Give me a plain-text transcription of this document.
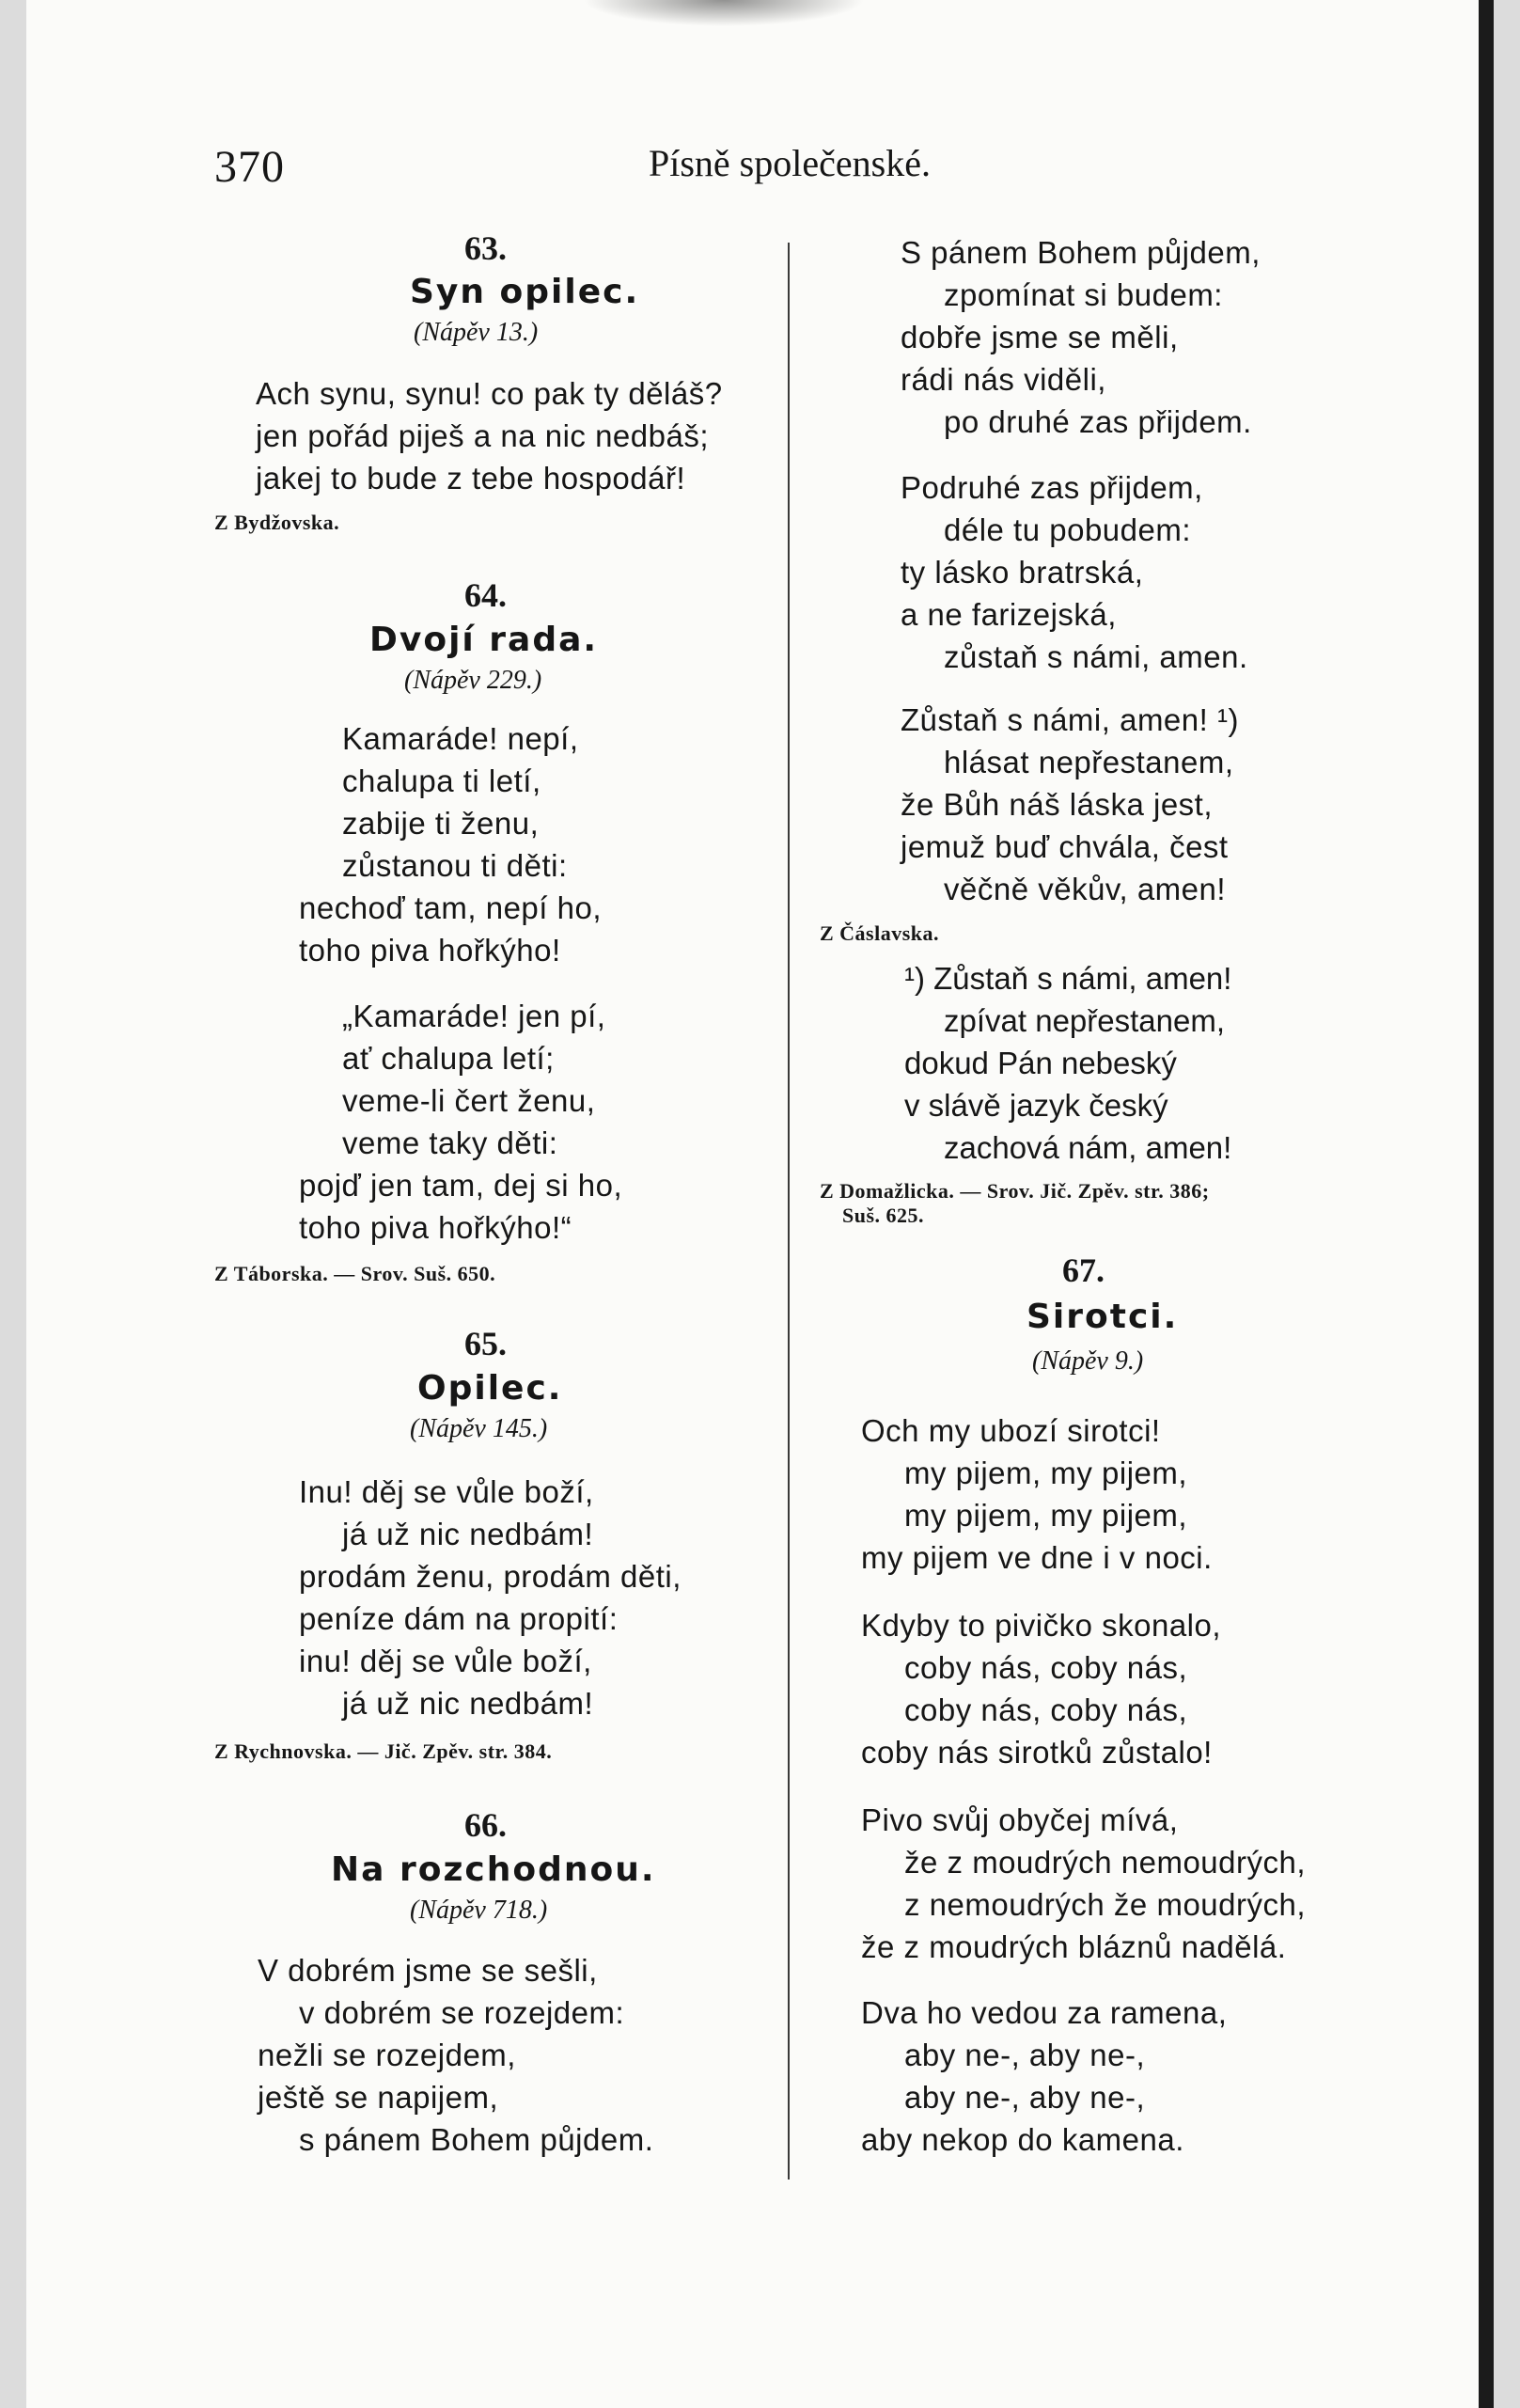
370	Písně společenské.
63.
Syn opilec.
(Nápěv 13.)
Ach synu, synu! co pak ty děláš?
jen pořád piješ a na nic nedbáš;
jakej to bude z tebe hospodář!
Z Bydžovska.
64.
Dvojí rada.
(Nápěv 229.)
Kamaráde! nepí,
chalupa ti letí,
zabije ti ženu,
zůstanou ti děti:
nechoď tam, nepí ho,
toho piva hořkýho!
„Kamaráde! jen pí,
ať chalupa letí;
veme-li čert ženu,
veme taky děti:
pojď jen tam, dej si ho,
toho piva hořkýho!“
Z Táborska. — Srov. Suš. 650.
65.
Opilec.
(Nápěv 145.)
Inu! děj se vůle boží,
já už nic nedbám!
prodám ženu, prodám děti,
peníze dám na propití:
inu! děj se vůle boží,
já už nic nedbám!
Z Rychnovska. — Jič. Zpěv. str. 384.
66.
Na rozchodnou.
(Nápěv 718.)
V dobrém jsme se sešli,
v dobrém se rozejdem:
nežli se rozejdem,
ještě se napijem,
s pánem Bohem půjdem.
S pánem Bohem půjdem,
zpomínat si budem:
dobře jsme se měli,
rádi nás viděli,
po druhé zas přijdem.
Podruhé zas přijdem,
déle tu pobudem:
ty lásko bratrská,
a ne farizejská,
zůstaň s námi, amen.
Zůstaň s námi, amen! ¹)
hlásat nepřestanem,
že Bůh náš láska jest,
jemuž buď chvála, čest
věčně věkův, amen!
Z Čáslavska.
¹) Zůstaň s námi, amen!
zpívat nepřestanem,
dokud Pán nebeský
v slávě jazyk český
zachová nám, amen!
Z Domažlicka. — Srov. Jič. Zpěv. str. 386;
Suš. 625.
67.
Sirotci.
(Nápěv 9.)
Och my ubozí sirotci!
my pijem, my pijem,
my pijem, my pijem,
my pijem ve dne i v noci.
Kdyby to pivičko skonalo,
coby nás, coby nás,
coby nás, coby nás,
coby nás sirotků zůstalo!
Pivo svůj obyčej mívá,
že z moudrých nemoudrých,
z nemoudrých že moudrých,
že z moudrých bláznů nadělá.
Dva ho vedou za ramena,
aby ne-, aby ne-,
aby ne-, aby ne-,
aby nekop do kamena.
